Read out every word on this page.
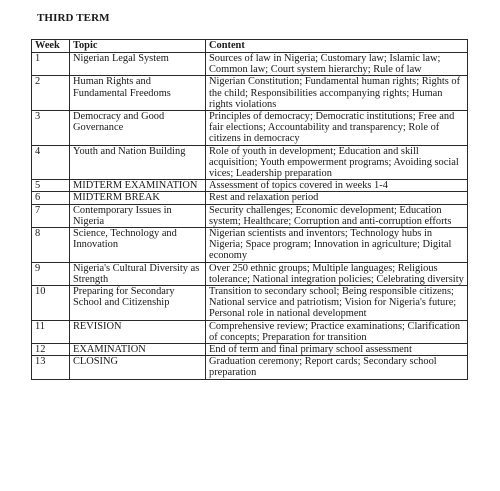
THIRD TERM
Week	Topic	Content
1	Nigerian Legal System	Sources of law in Nigeria; Customary law; Islamic law; Common law; Court system hierarchy; Rule of law
2	Human Rights and Fundamental Freedoms	Nigerian Constitution; Fundamental human rights; Rights of the child; Responsibilities accompanying rights; Human rights violations
3	Democracy and Good Governance	Principles of democracy; Democratic institutions; Free and fair elections; Accountability and transparency; Role of citizens in democracy
4	Youth and Nation Building	Role of youth in development; Education and skill acquisition; Youth empowerment programs; Avoiding social vices; Leadership preparation
5	MIDTERM EXAMINATION	Assessment of topics covered in weeks 1-4
6	MIDTERM BREAK	Rest and relaxation period
7	Contemporary Issues in Nigeria	Security challenges; Economic development; Education system; Healthcare; Corruption and anti-corruption efforts
8	Science, Technology and Innovation	Nigerian scientists and inventors; Technology hubs in Nigeria; Space program; Innovation in agriculture; Digital economy
9	Nigeria's Cultural Diversity as Strength	Over 250 ethnic groups; Multiple languages; Religious tolerance; National integration policies; Celebrating diversity
10	Preparing for Secondary School and Citizenship	Transition to secondary school; Being responsible citizens; National service and patriotism; Vision for Nigeria's future; Personal role in national development
11	REVISION	Comprehensive review; Practice examinations; Clarification of concepts; Preparation for transition
12	EXAMINATION	End of term and final primary school assessment
13	CLOSING	Graduation ceremony; Report cards; Secondary school preparation
